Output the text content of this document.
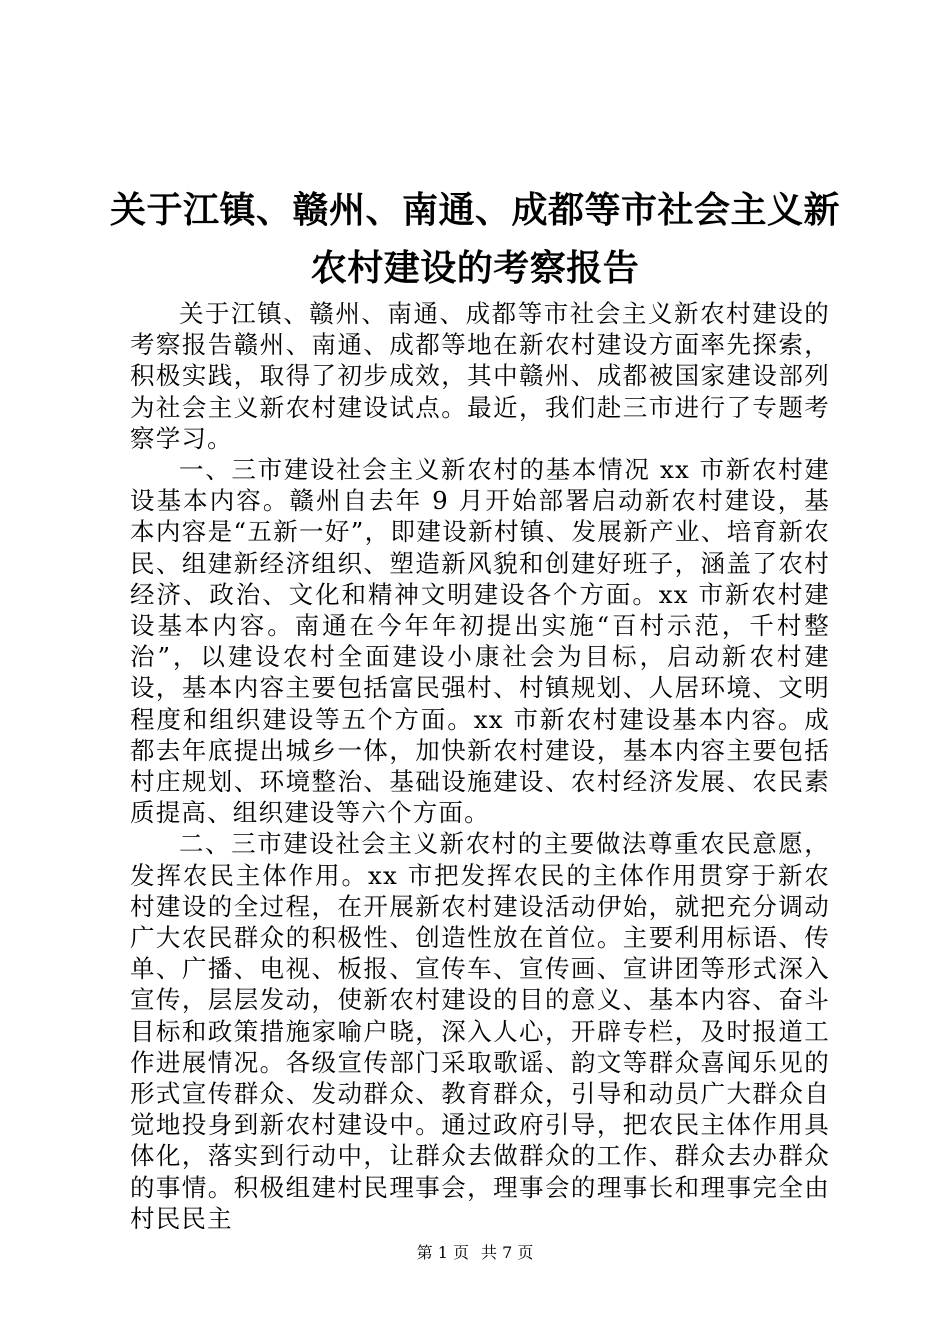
关于江镇、赣州、南通、成都等市社会主义新
农村建设的考察报告

关于江镇、赣州、南通、成都等市社会主义新农村建设的考察报告赣州、南通、成都等地在新农村建设方面率先探索，积极实践，取得了初步成效，其中赣州、成都被国家建设部列为社会主义新农村建设试点。最近，我们赴三市进行了专题考察学习。

一、三市建设社会主义新农村的基本情况 xx 市新农村建设基本内容。赣州自去年 9 月开始部署启动新农村建设，基本内容是“五新一好”，即建设新村镇、发展新产业、培育新农民、组建新经济组织、塑造新风貌和创建好班子，涵盖了农村经济、政治、文化和精神文明建设各个方面。xx 市新农村建设基本内容。南通在今年年初提出实施“百村示范，千村整治”，以建设农村全面建设小康社会为目标，启动新农村建设，基本内容主要包括富民强村、村镇规划、人居环境、文明程度和组织建设等五个方面。xx 市新农村建设基本内容。成都去年底提出城乡一体，加快新农村建设，基本内容主要包括村庄规划、环境整治、基础设施建设、农村经济发展、农民素质提高、组织建设等六个方面。

二、三市建设社会主义新农村的主要做法尊重农民意愿，发挥农民主体作用。xx 市把发挥农民的主体作用贯穿于新农村建设的全过程，在开展新农村建设活动伊始，就把充分调动广大农民群众的积极性、创造性放在首位。主要利用标语、传单、广播、电视、板报、宣传车、宣传画、宣讲团等形式深入宣传，层层发动，使新农村建设的目的意义、基本内容、奋斗目标和政策措施家喻户晓，深入人心，开辟专栏，及时报道工作进展情况。各级宣传部门采取歌谣、韵文等群众喜闻乐见的形式宣传群众、发动群众、教育群众，引导和动员广大群众自觉地投身到新农村建设中。通过政府引导，把农民主体作用具体化，落实到行动中，让群众去做群众的工作、群众去办群众的事情。积极组建村民理事会，理事会的理事长和理事完全由村民民主

第 1 页 共 7 页
